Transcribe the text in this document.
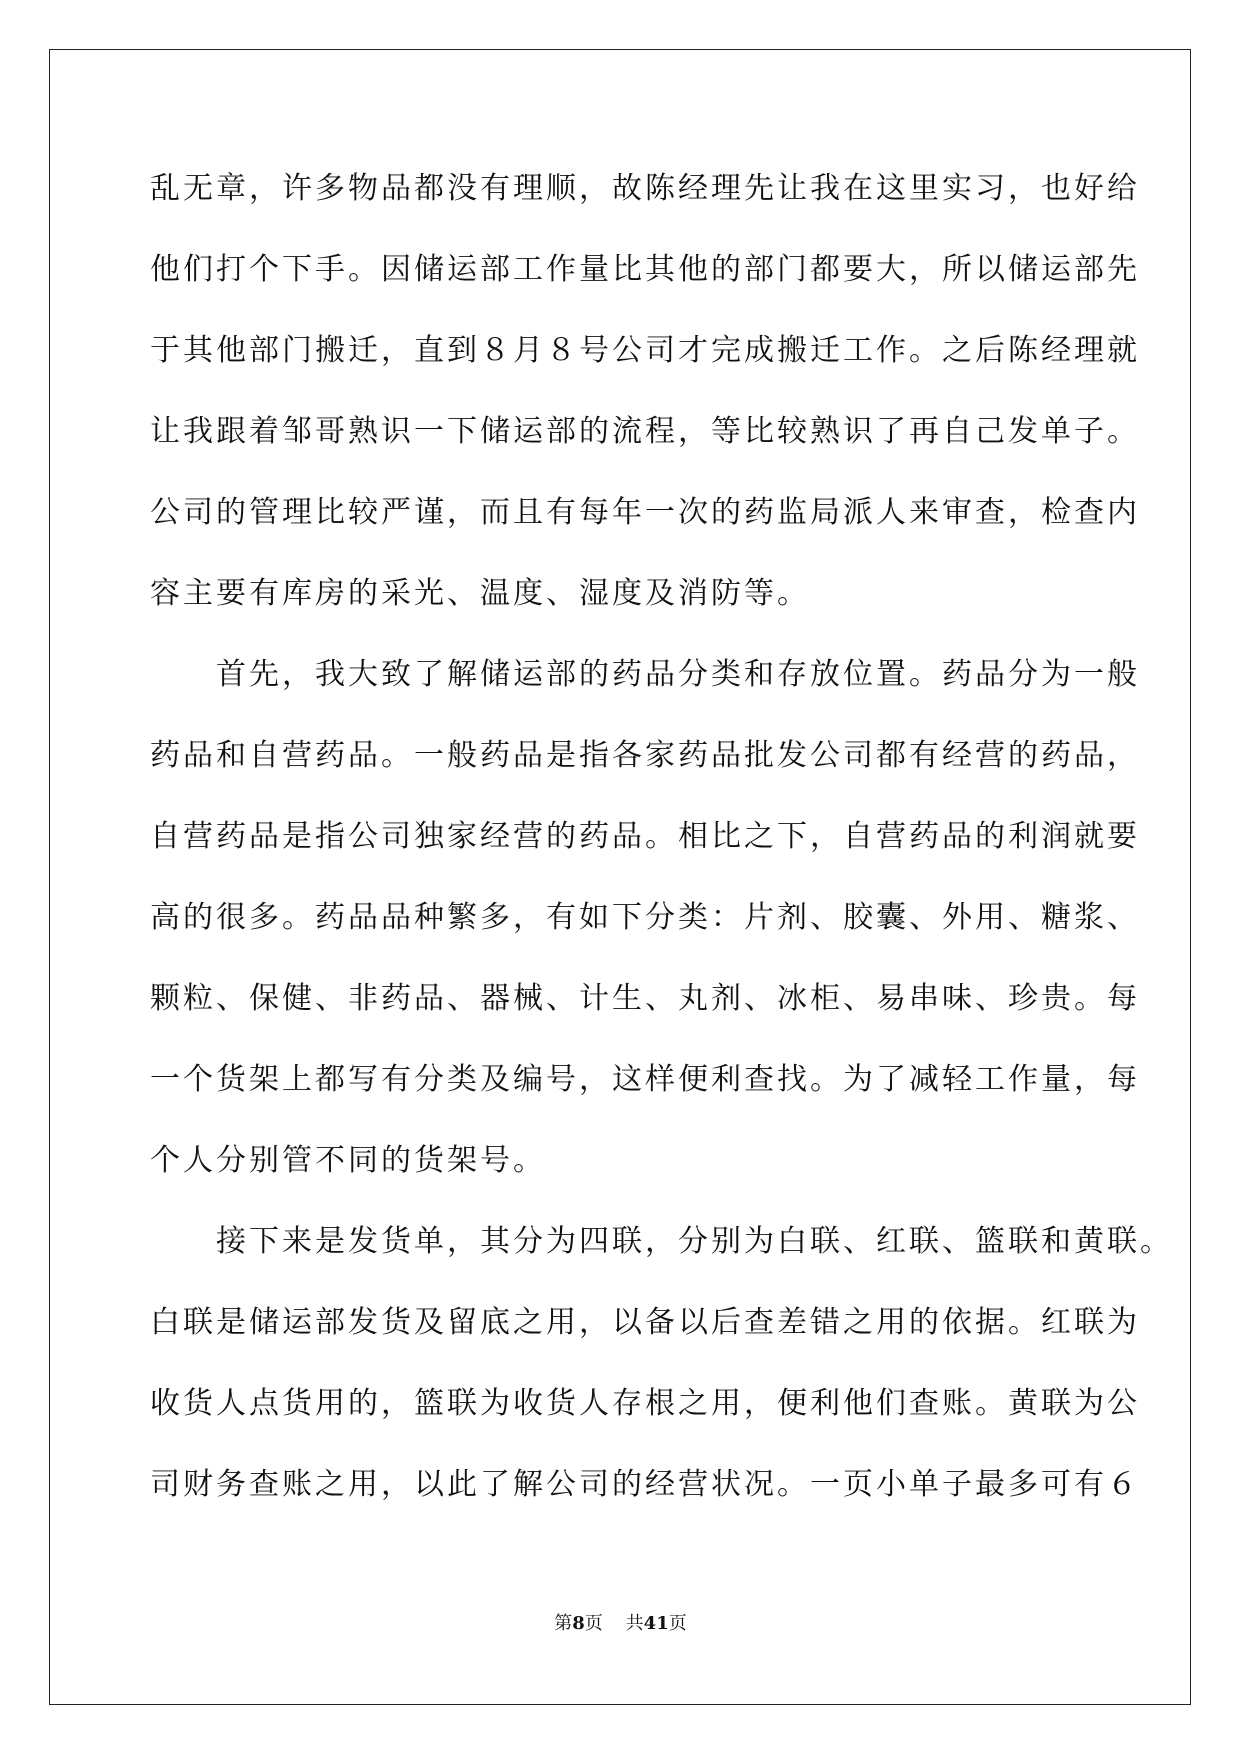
乱无章，许多物品都没有理顺，故陈经理先让我在这里实习，也好给
他们打个下手。因储运部工作量比其他的部门都要大，所以储运部先
于其他部门搬迁，直到８月８号公司才完成搬迁工作。之后陈经理就
让我跟着邹哥熟识一下储运部的流程，等比较熟识了再自己发单子。
公司的管理比较严谨，而且有每年一次的药监局派人来审查，检查内
容主要有库房的采光、温度、湿度及消防等。
首先，我大致了解储运部的药品分类和存放位置。药品分为一般
药品和自营药品。一般药品是指各家药品批发公司都有经营的药品，
自营药品是指公司独家经营的药品。相比之下，自营药品的利润就要
高的很多。药品品种繁多，有如下分类：片剂、胶囊、外用、糖浆、
颗粒、保健、非药品、器械、计生、丸剂、冰柜、易串味、珍贵。每
一个货架上都写有分类及编号，这样便利查找。为了减轻工作量，每
个人分别管不同的货架号。
接下来是发货单，其分为四联，分别为白联、红联、篮联和黄联。
白联是储运部发货及留底之用，以备以后查差错之用的依据。红联为
收货人点货用的，篮联为收货人存根之用，便利他们查账。黄联为公
司财务查账之用，以此了解公司的经营状况。一页小单子最多可有６
第8页 共41页
